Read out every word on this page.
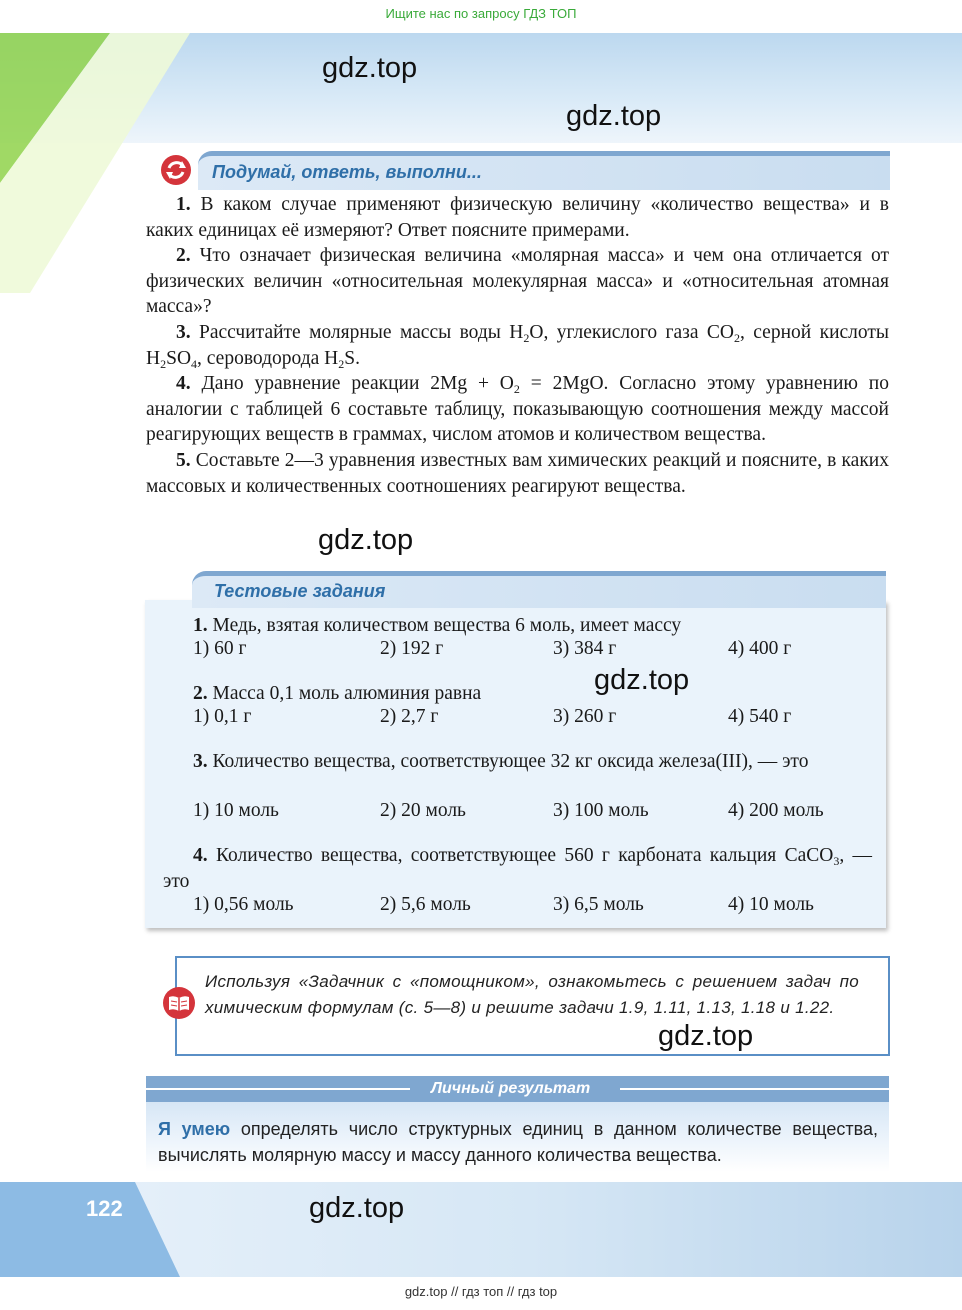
Ищите нас по запросу ГДЗ ТОП
gdz.top
gdz.top
Подумай, ответь, выполни...
1. В каком случае применяют физическую величину «количество вещества» и в каких единицах её измеряют? Ответ поясните примерами.
2. Что означает физическая величина «молярная масса» и чем она отличается от физических величин «относительная молекулярная масса» и «относительная атомная масса»?
3. Рассчитайте молярные массы воды $H_2O$, углекислого газа $CO_2$, серной кислоты $H_2SO_4$, сероводорода $H_2S$.
4. Дано уравнение реакции $2Mg + O_2 = 2MgO$. Согласно этому уравнению по аналогии с таблицей 6 составьте таблицу, показывающую соотношения между массой реагирующих веществ в граммах, числом атомов и количеством вещества.
5. Составьте 2—3 уравнения известных вам химических реакций и поясните, в каких массовых и количественных соотношениях реагируют вещества.
gdz.top
Тестовые задания
1. Медь, взятая количеством вещества 6 моль, имеет массу
1) 60 г	2) 192 г	3) 384 г	4) 400 г
2. Масса 0,1 моль алюминия равна	gdz.top
1) 0,1 г	2) 2,7 г	3) 260 г	4) 540 г
3. Количество вещества, соответствующее 32 кг оксида железа(III), — это
1) 10 моль	2) 20 моль	3) 100 моль	4) 200 моль
4. Количество вещества, соответствующее 560 г карбоната кальция CaCO$_3$, — это
1) 0,56 моль	2) 5,6 моль	3) 6,5 моль	4) 10 моль
Используя «Задачник с «помощником», ознакомьтесь с решением задач по химическим формулам (с. 5—8) и решите задачи 1.9, 1.11, 1.13, 1.18 и 1.22.
gdz.top
Личный результат
Я умею определять число структурных единиц в данном количестве вещества, вычислять молярную массу и массу данного количества вещества.
122	gdz.top
gdz.top // гдз топ // гдз top
